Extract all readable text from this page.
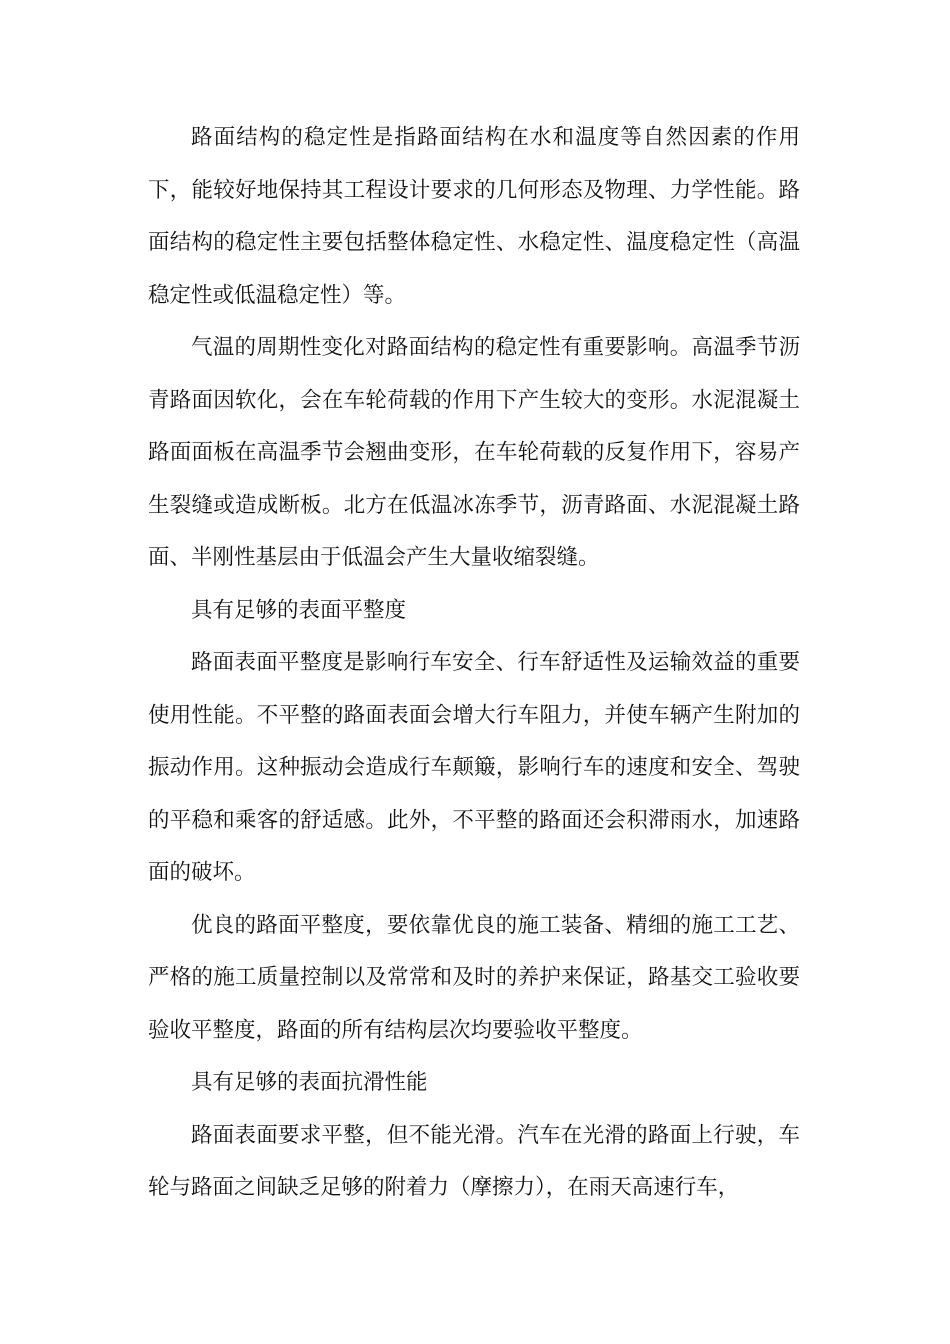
路面结构的稳定性是指路面结构在水和温度等自然因素的作用下，能较好地保持其工程设计要求的几何形态及物理、力学性能。路面结构的稳定性主要包括整体稳定性、水稳定性、温度稳定性（高温稳定性或低温稳定性）等。

气温的周期性变化对路面结构的稳定性有重要影响。高温季节沥青路面因软化，会在车轮荷载的作用下产生较大的变形。水泥混凝土路面面板在高温季节会翘曲变形，在车轮荷载的反复作用下，容易产生裂缝或造成断板。北方在低温冰冻季节，沥青路面、水泥混凝土路面、半刚性基层由于低温会产生大量收缩裂缝。

具有足够的表面平整度

路面表面平整度是影响行车安全、行车舒适性及运输效益的重要使用性能。不平整的路面表面会增大行车阻力，并使车辆产生附加的振动作用。这种振动会造成行车颠簸，影响行车的速度和安全、驾驶的平稳和乘客的舒适感。此外，不平整的路面还会积滞雨水，加速路面的破坏。

优良的路面平整度，要依靠优良的施工装备、精细的施工工艺、严格的施工质量控制以及常常和及时的养护来保证，路基交工验收要验收平整度，路面的所有结构层次均要验收平整度。

具有足够的表面抗滑性能

路面表面要求平整，但不能光滑。汽车在光滑的路面上行驶，车轮与路面之间缺乏足够的附着力（摩擦力），在雨天高速行车，
